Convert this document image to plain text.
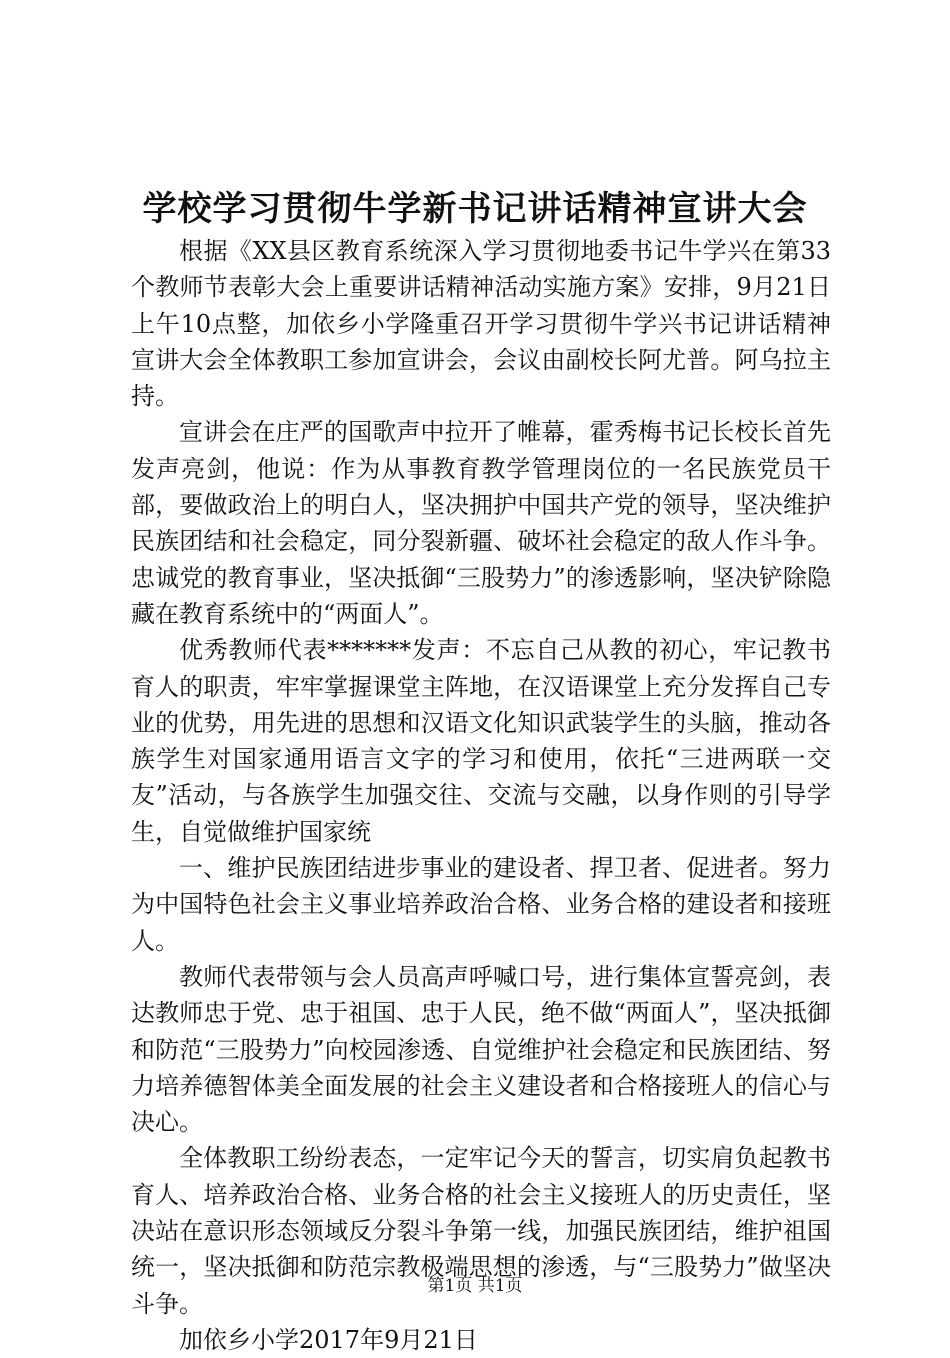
学校学习贯彻牛学新书记讲话精神宣讲大会

根据《XX县区教育系统深入学习贯彻地委书记牛学兴在第33个教师节表彰大会上重要讲话精神活动实施方案》安排，9月21日上午10点整，加依乡小学隆重召开学习贯彻牛学兴书记讲话精神宣讲大会全体教职工参加宣讲会，会议由副校长阿尤普。阿乌拉主持。

宣讲会在庄严的国歌声中拉开了帷幕，霍秀梅书记长校长首先发声亮剑，他说：作为从事教育教学管理岗位的一名民族党员干部，要做政治上的明白人，坚决拥护中国共产党的领导，坚决维护民族团结和社会稳定，同分裂新疆、破坏社会稳定的敌人作斗争。忠诚党的教育事业，坚决抵御“三股势力”的渗透影响，坚决铲除隐藏在教育系统中的“两面人”。

优秀教师代表*******发声：不忘自己从教的初心，牢记教书育人的职责，牢牢掌握课堂主阵地，在汉语课堂上充分发挥自己专业的优势，用先进的思想和汉语文化知识武装学生的头脑，推动各族学生对国家通用语言文字的学习和使用，依托“三进两联一交友”活动，与各族学生加强交往、交流与交融，以身作则的引导学生，自觉做维护国家统

一、维护民族团结进步事业的建设者、捍卫者、促进者。努力为中国特色社会主义事业培养政治合格、业务合格的建设者和接班人。

教师代表带领与会人员高声呼喊口号，进行集体宣誓亮剑，表达教师忠于党、忠于祖国、忠于人民，绝不做“两面人”，坚决抵御和防范“三股势力”向校园渗透、自觉维护社会稳定和民族团结、努力培养德智体美全面发展的社会主义建设者和合格接班人的信心与决心。

全体教职工纷纷表态，一定牢记今天的誓言，切实肩负起教书育人、培养政治合格、业务合格的社会主义接班人的历史责任，坚决站在意识形态领域反分裂斗争第一线，加强民族团结，维护祖国统一，坚决抵御和防范宗教极端思想的渗透，与“三股势力”做坚决斗争。

加依乡小学2017年9月21日

第1页 共1页
